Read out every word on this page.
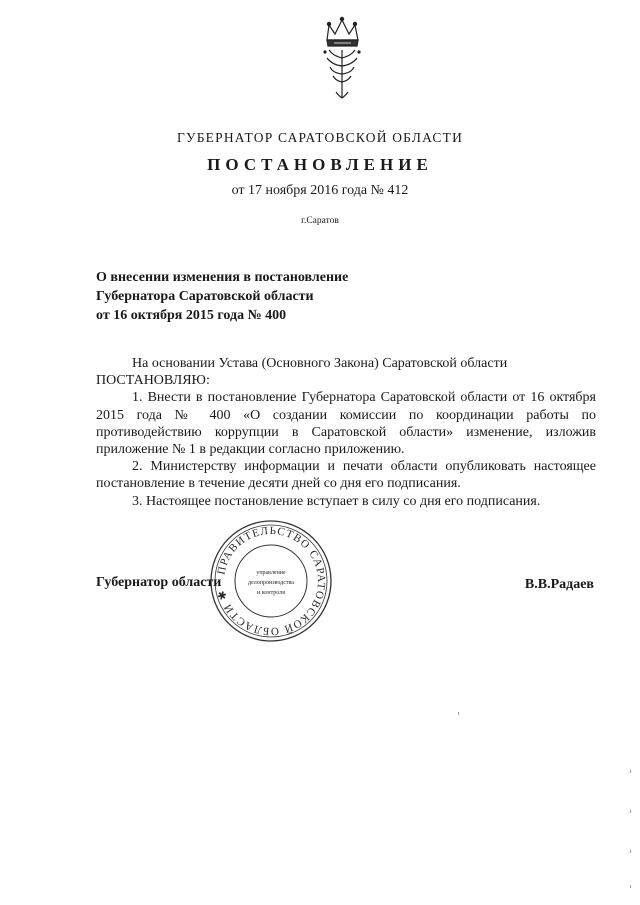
ГУБЕРНАТОР САРАТОВСКОЙ ОБЛАСТИ
ПОСТАНОВЛЕНИЕ
от 17 ноября 2016 года № 412
г.Саратов
О внесении изменения в постановление
Губернатора Саратовской области
от 16 октября 2015 года № 400

На основании Устава (Основного Закона) Саратовской области

ПОСТАНОВЛЯЮ:

1. Внести в постановление Губернатора Саратовской области от 16 октября 2015 года № 400 «О создании комиссии по координации работы по противодействию коррупции в Саратовской области» изменение, изложив приложение № 1 в редакции согласно приложению.

2. Министерству информации и печати области опубликовать настоящее постановление в течение десяти дней со дня его подписания.

3. Настоящее постановление вступает в силу со дня его подписания.

ПРАВИТЕЛЬСТВО САРАТОВСКОЙ ОБЛАСТИ ✱
управление
делопроизводства
и контроля
Губернатор области	В.В.Радаев
